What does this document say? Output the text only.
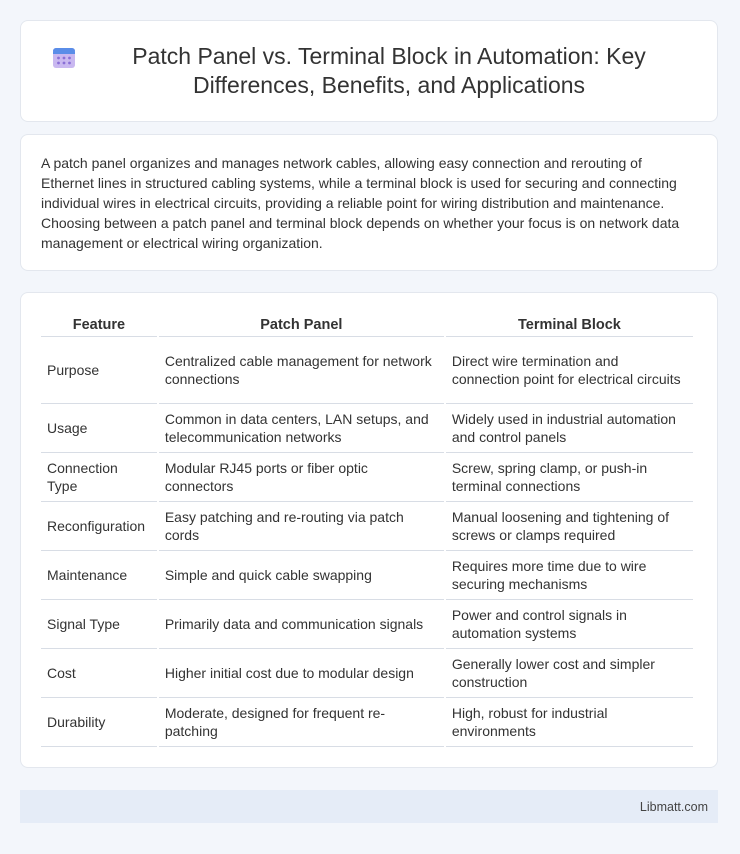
Patch Panel vs. Terminal Block in Automation: Key Differences, Benefits, and Applications

A patch panel organizes and manages network cables, allowing easy connection and rerouting of Ethernet lines in structured cabling systems, while a terminal block is used for securing and connecting individual wires in electrical circuits, providing a reliable point for wiring distribution and maintenance. Choosing between a patch panel and terminal block depends on whether your focus is on network data management or electrical wiring organization.

Feature	Patch Panel	Terminal Block
Purpose	Centralized cable management for network connections	Direct wire termination and connection point for electrical circuits
Usage	Common in data centers, LAN setups, and telecommunication networks	Widely used in industrial automation and control panels
Connection Type	Modular RJ45 ports or fiber optic connectors	Screw, spring clamp, or push-in terminal connections
Reconfiguration	Easy patching and re-routing via patch cords	Manual loosening and tightening of screws or clamps required
Maintenance	Simple and quick cable swapping	Requires more time due to wire securing mechanisms
Signal Type	Primarily data and communication signals	Power and control signals in automation systems
Cost	Higher initial cost due to modular design	Generally lower cost and simpler construction
Durability	Moderate, designed for frequent re-patching	High, robust for industrial environments
Libmatt.com
